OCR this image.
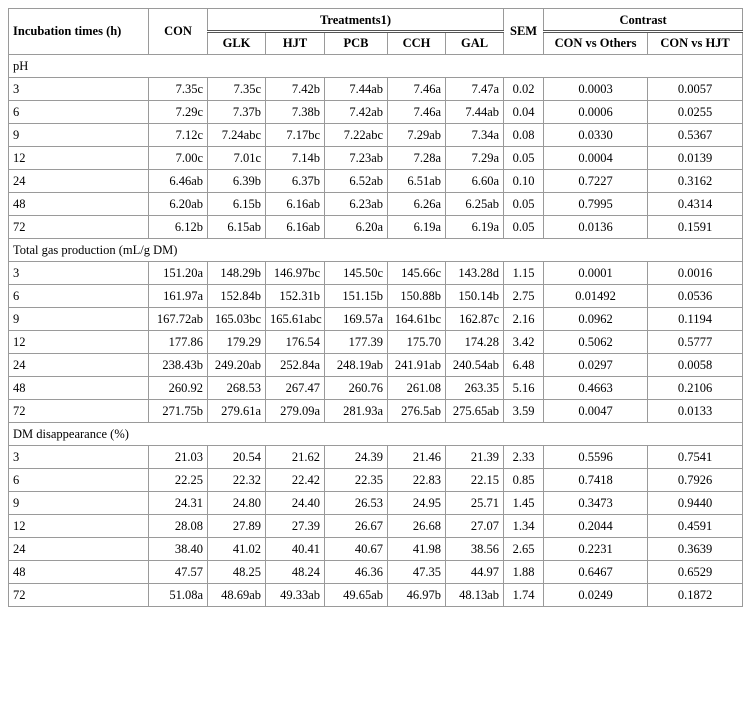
Incubation times (h)	CON	Treatments1)					SEM	Contrast	
		GLK	HJT	PCB	CCH	GAL		CON vs Others	CON vs HJT
pH									
3	7.35c	7.35c	7.42b	7.44ab	7.46a	7.47a	0.02	0.0003	0.0057
6	7.29c	7.37b	7.38b	7.42ab	7.46a	7.44ab	0.04	0.0006	0.0255
9	7.12c	7.24abc	7.17bc	7.22abc	7.29ab	7.34a	0.08	0.0330	0.5367
12	7.00c	7.01c	7.14b	7.23ab	7.28a	7.29a	0.05	0.0004	0.0139
24	6.46ab	6.39b	6.37b	6.52ab	6.51ab	6.60a	0.10	0.7227	0.3162
48	6.20ab	6.15b	6.16ab	6.23ab	6.26a	6.25ab	0.05	0.7995	0.4314
72	6.12b	6.15ab	6.16ab	6.20a	6.19a	6.19a	0.05	0.0136	0.1591
Total gas production (mL/g DM)									
3	151.20a	148.29b	146.97bc	145.50c	145.66c	143.28d	1.15	0.0001	0.0016
6	161.97a	152.84b	152.31b	151.15b	150.88b	150.14b	2.75	0.01492	0.0536
9	167.72ab	165.03bc	165.61abc	169.57a	164.61bc	162.87c	2.16	0.0962	0.1194
12	177.86	179.29	176.54	177.39	175.70	174.28	3.42	0.5062	0.5777
24	238.43b	249.20ab	252.84a	248.19ab	241.91ab	240.54ab	6.48	0.0297	0.0058
48	260.92	268.53	267.47	260.76	261.08	263.35	5.16	0.4663	0.2106
72	271.75b	279.61a	279.09a	281.93a	276.5ab	275.65ab	3.59	0.0047	0.0133
DM disappearance (%)									
3	21.03	20.54	21.62	24.39	21.46	21.39	2.33	0.5596	0.7541
6	22.25	22.32	22.42	22.35	22.83	22.15	0.85	0.7418	0.7926
9	24.31	24.80	24.40	26.53	24.95	25.71	1.45	0.3473	0.9440
12	28.08	27.89	27.39	26.67	26.68	27.07	1.34	0.2044	0.4591
24	38.40	41.02	40.41	40.67	41.98	38.56	2.65	0.2231	0.3639
48	47.57	48.25	48.24	46.36	47.35	44.97	1.88	0.6467	0.6529
72	51.08a	48.69ab	49.33ab	49.65ab	46.97b	48.13ab	1.74	0.0249	0.1872
